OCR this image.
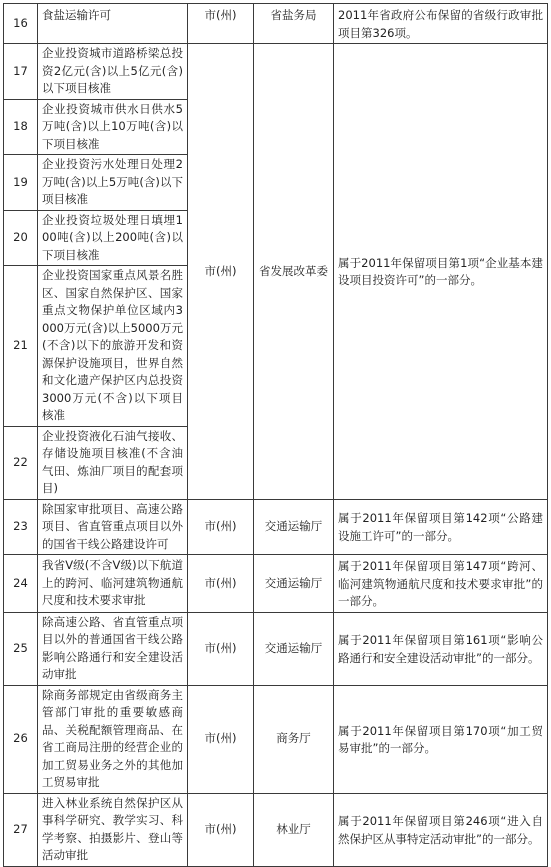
16	食盐运输许可	市(州)	省盐务局	2011年省政府公布保留的省级行政审批项目第326项。
17	企业投资城市道路桥梁总投资2亿元(含)以上5亿元(含)以下项目核准	市(州)	省发展改革委	属于2011年保留项目第1项“企业基本建设项目投资许可”的一部分。
18	企业投资城市供水日供水5万吨(含)以上10万吨(含)以下项目核准			
19	企业投资污水处理日处理2万吨(含)以上5万吨(含)以下项目核准			
20	企业投资垃圾处理日填埋100吨(含)以上200吨(含)以下项目核准			
21	企业投资国家重点风景名胜区、国家自然保护区、国家重点文物保护单位区域内3000万元(含)以上5000万元(不含)以下的旅游开发和资源保护设施项目，世界自然和文化遗产保护区内总投资3000万元(不含)以下项目核准			
22	企业投资液化石油气接收、存储设施项目核准(不含油气田、炼油厂项目的配套项目)			
23	除国家审批项目、高速公路项目、省直管重点项目以外的国省干线公路建设许可	市(州)	交通运输厅	属于2011年保留项目第142项“公路建设施工许可”的一部分。
24	我省V级(不含V级)以下航道上的跨河、临河建筑物通航尺度和技术要求审批	市(州)	交通运输厅	属于2011年保留项目第147项“跨河、临河建筑物通航尺度和技术要求审批”的一部分。
25	除高速公路、省直管重点项目以外的普通国省干线公路影响公路通行和安全建设活动审批	市(州)	交通运输厅	属于2011年保留项目第161项“影响公路通行和安全建设活动审批”的一部分。
26	除商务部规定由省级商务主管部门审批的重要敏感商品、关税配额管理商品、在省工商局注册的经营企业的加工贸易业务之外的其他加工贸易审批	市(州)	商务厅	属于2011年保留项目第170项“加工贸易审批”的一部分。
27	进入林业系统自然保护区从事科学研究、教学实习、科学考察、拍摄影片、登山等活动审批	市(州)	林业厅	属于2011年保留项目第246项“进入自然保护区从事特定活动审批”的一部分。
